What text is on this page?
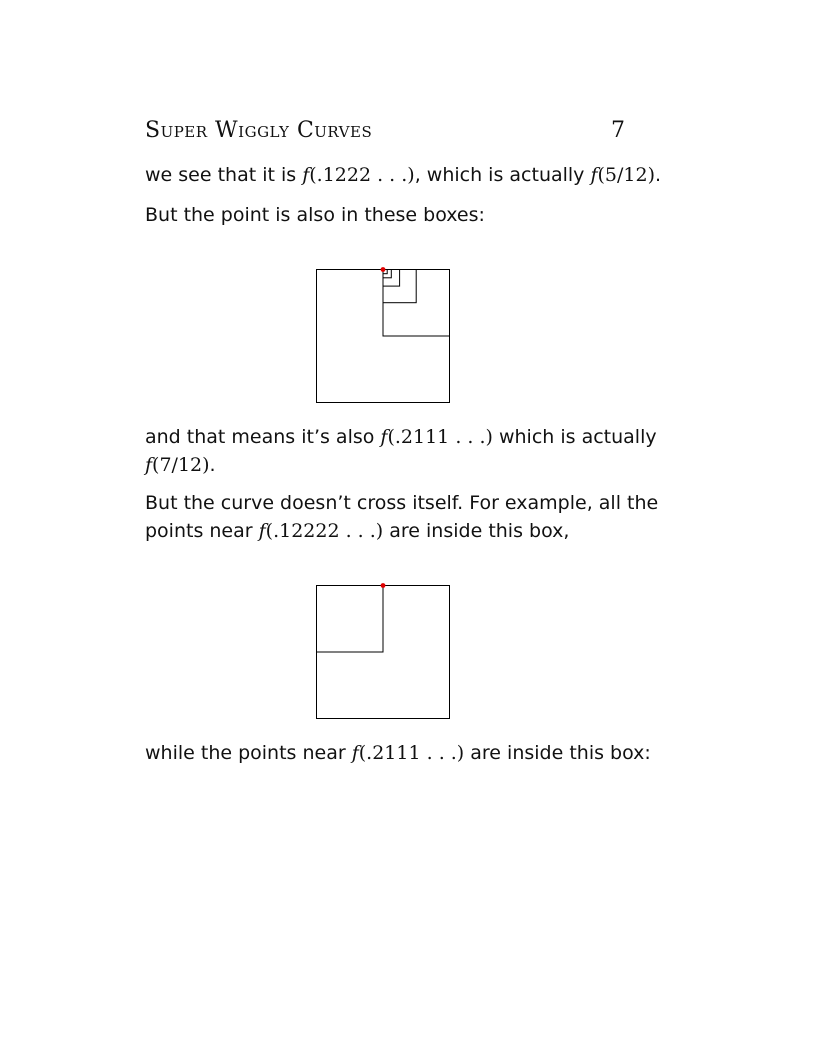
Super Wiggly Curves	7
we see that it is f(.1222 . . .), which is actually f(5/12).
But the point is also in these boxes:
and that means it’s also f(.2111 . . .) which is actually
f(7/12).
But the curve doesn’t cross itself. For example, all the
points near f(.12222 . . .) are inside this box,
while the points near f(.2111 . . .) are inside this box:
